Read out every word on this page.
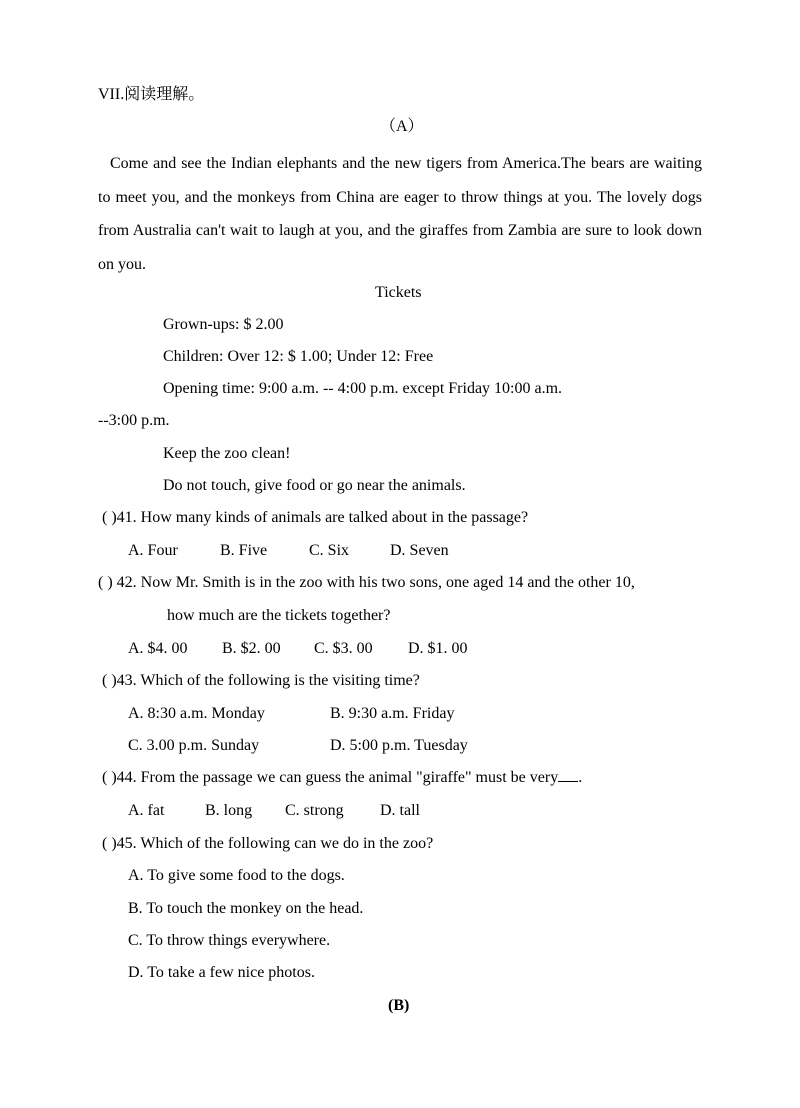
VII.阅读理解。
（A）
Come and see the Indian elephants and the new tigers from America.The bears are waiting to meet you, and the monkeys from China are eager to throw things at you. The lovely dogs from Australia can't wait to laugh at you, and the giraffes from Zambia are sure to look down on you.
Tickets
Grown-ups: $ 2.00
Children: Over 12: $ 1.00; Under 12: Free
Opening time: 9:00 a.m. -- 4:00 p.m. except Friday 10:00 a.m.
--3:00 p.m.
Keep the zoo clean!
Do not touch, give food or go near the animals.
( )41. How many kinds of animals are talked about in the passage?
A. Four	B. Five	C. Six	D. Seven
( ) 42. Now Mr. Smith is in the zoo with his two sons, one aged 14 and the other 10,
how much are the tickets together?
A. $4. 00 B. $2. 00 C. $3. 00 D. $1. 00
( )43. Which of the following is the visiting time?
A. 8:30 a.m. Monday	B. 9:30 a.m. Friday
C. 3.00 p.m. Sunday	D. 5:00 p.m. Tuesday
( )44. From the passage we can guess the animal "giraffe" must be very .
A. fat	B. long C. strong D. tall
( )45. Which of the following can we do in the zoo?
A. To give some food to the dogs.
B. To touch the monkey on the head.
C. To throw things everywhere.
D. To take a few nice photos.
(B)
